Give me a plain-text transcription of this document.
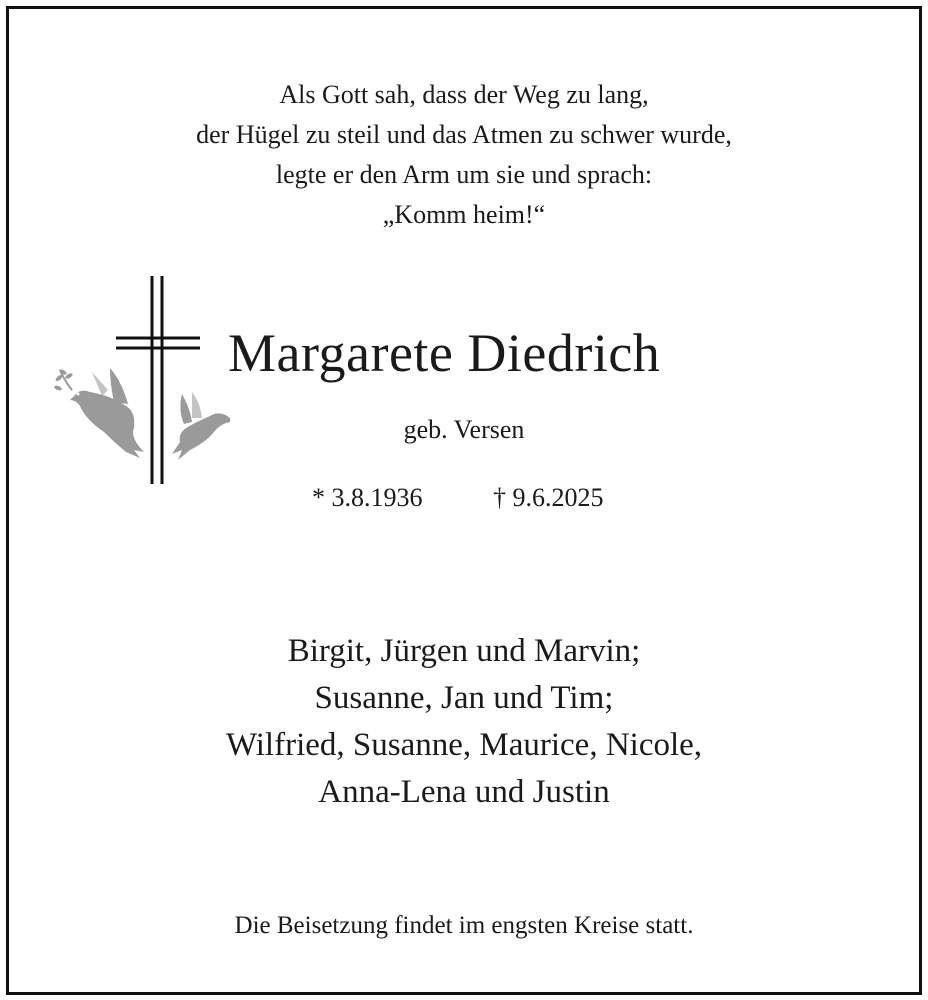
Als Gott sah, dass der Weg zu lang,
der Hügel zu steil und das Atmen zu schwer wurde,
legte er den Arm um sie und sprach:
„Komm heim!“
Margarete Diedrich
geb. Versen
* 3.8.1936	† 9.6.2025
Birgit, Jürgen und Marvin;
Susanne, Jan und Tim;
Wilfried, Susanne, Maurice, Nicole,
Anna-Lena und Justin
Die Beisetzung findet im engsten Kreise statt.
